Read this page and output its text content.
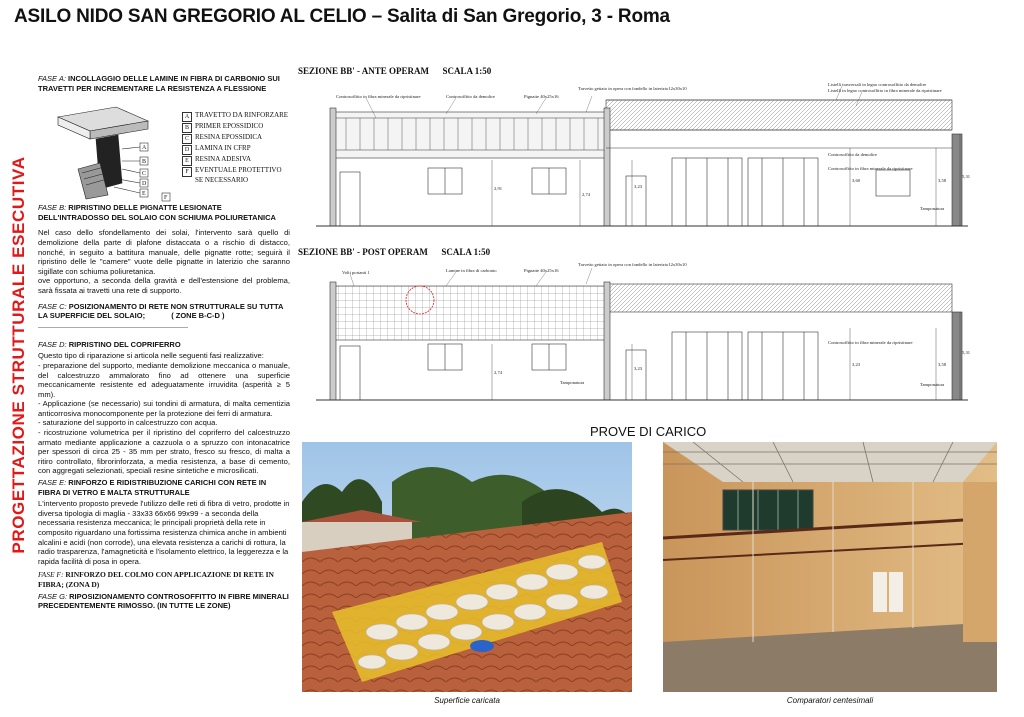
ASILO NIDO SAN GREGORIO AL CELIO – Salita di San Gregorio, 3 - Roma
PROGETTAZIONE STRUTTURALE ESECUTIVA
FASE A: INCOLLAGGIO DELLE LAMINE IN FIBRA DI CARBONIO SUI TRAVETTI PER INCREMENTARE LA RESISTENZA A FLESSIONE
A
B
C
D
E
F
A TRAVETTO DA RINFORZARE
B PRIMER EPOSSIDICO
C RESINA EPOSSIDICA
D LAMINA IN CFRP
E RESINA ADESIVA
F EVENTUALE PROTETTIVO SE NECESSARIO
FASE B: RIPRISTINO DELLE PIGNATTE LESIONATE DELL'INTRADOSSO DEL SOLAIO CON SCHIUMA POLIURETANICA

Nel caso dello sfondellamento dei solai, l'intervento sarà quello di demolizione della parte di plafone distaccata o a rischio di distacco, nonché, in seguito a battitura manuale, delle pignatte rotte; seguirà il ripristino delle le "camere" vuote delle pignatte in laterizio che saranno sigillate con schiuma poliuretanica.

ove opportuno, a seconda della gravità e dell'estensione del problema, sarà fissata ai travetti una rete di supporto.

FASE C: POSIZIONAMENTO DI RETE NON STRUTTURALE SU TUTTA LA SUPERFICIE DEL SOLAIO;	( ZONE B-C-D )
FASE D: RIPRISTINO DEL COPRIFERRO

Questo tipo di riparazione si articola nelle seguenti fasi realizzative:

- preparazione del supporto, mediante demolizione meccanica o manuale, del calcestruzzo ammalorato fino ad ottenere una superficie meccanicamente resistente ed adeguatamente irruvidita (asperità ≥ 5 mm).

- Applicazione (se necessario) sui tondini di armatura, di malta cementizia anticorrosiva monocomponente per la protezione dei ferri di armatura.

- saturazione del supporto in calcestruzzo con acqua.

- ricostruzione volumetrica per il ripristino del copriferro del calcestruzzo armato mediante applicazione a cazzuola o a spruzzo con intonacatrice per spessori di circa 25 - 35 mm per strato, fresco su fresco, di malta a ritiro controllato, fibrorinforzata, a media resistenza, a base di cemento, con aggregati selezionati, speciali resine sintetiche e microsilicati.

FASE E: RINFORZO E RIDISTRIBUZIONE CARICHI CON RETE IN FIBRA DI VETRO E MALTA STRUTTURALE

L'intervento proposto prevede l'utilizzo delle reti di fibra di vetro, prodotte in diversa tipologia di maglia - 33x33 66x66 99x99 - a seconda della necessaria resistenza meccanica; le principali proprietà della rete in composito riguardano una fortissima resistenza chimica anche in ambienti alcalini e acidi (non corrode), una elevata resistenza a carichi di rottura, la radio trasparenza, l'amagneticità e l'isolamento elettrico, la leggerezza e la rapida facilità di posa in opera.

FASE F: RINFORZO DEL COLMO CON APPLICAZIONE DI RETE IN FIBRA; (ZONA D)
FASE G: RIPOSIZIONAMENTO CONTROSOFFITTO IN FIBRE MINERALI PRECEDENTEMENTE RIMOSSO. (IN TUTTE LE ZONE)
SEZIONE BB' - ANTE OPERAM      SCALA 1:50
Controsoffitto in fibra minerale da ripristinare	Controsoffitto da demolire	Pignatte 40x25x16
Travetto gettato in opera con fondello in laterizio12x30x10
Listelli trasversali in legno controsoffitto da demolire
Listelli in legno controsoffitto in fibra minerale da ripristinare
Controsoffitto da demolire
Controsoffitto in fibra minerale da ripristinare
Tamponatura
2,91
2,74
3,23
3,60	3,58
5,31
SEZIONE BB' - POST OPERAM      SCALA 1:50
Volti portanti 1	Lamine in fibra di carbonio	Pignatte 40x25x16
Travetto gettato in opera con fondello in laterizio12x30x10
Controsoffitto in fibra minerale da ripristinare
Tamponatura	Tamponatura
2,74
3,23
3,23	3,58
5,31
PROVE DI CARICO
Superficie caricata	Comparatori centesimali
